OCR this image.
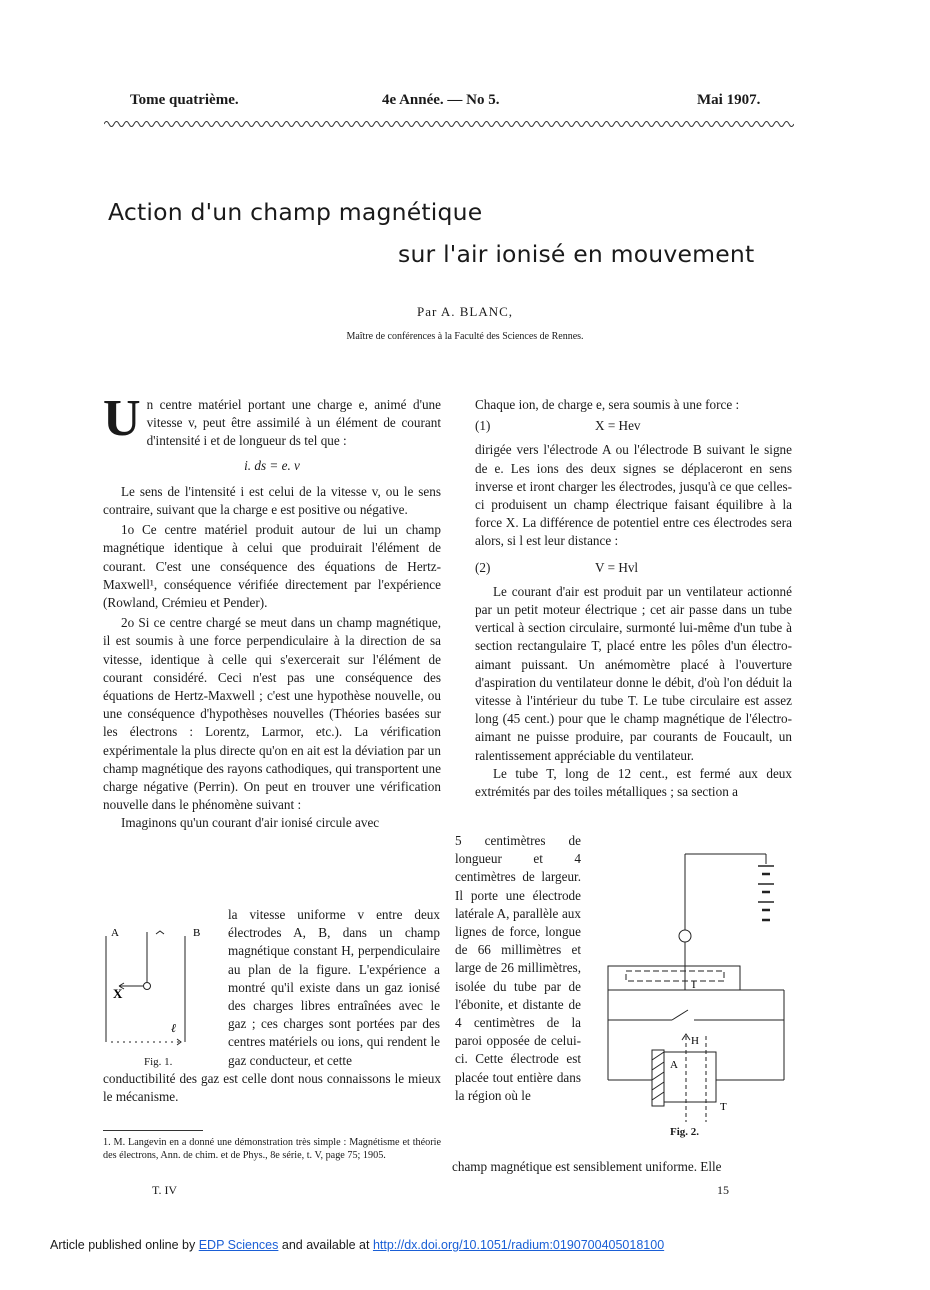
Tome quatrième.	4e Année. — No 5.	Mai 1907.
Action d'un champ magnétique
sur l'air ionisé en mouvement
Par A. BLANC,
Maître de conférences à la Faculté des Sciences de Rennes.

Un centre matériel portant une charge e, animé d'une vitesse v, peut être assimilé à un élément de courant d'intensité i et de longueur ds tel que :

i. ds = e. v

Le sens de l'intensité i est celui de la vitesse v, ou le sens contraire, suivant que la charge e est positive ou négative.

1o Ce centre matériel produit autour de lui un champ magnétique identique à celui que produirait l'élément de courant. C'est une conséquence des équations de Hertz-Maxwell¹, conséquence vérifiée directement par l'expérience (Rowland, Crémieu et Pender).

2o Si ce centre chargé se meut dans un champ magnétique, il est soumis à une force perpendiculaire à la direction de sa vitesse, identique à celle qui s'exercerait sur l'élément de courant considéré. Ceci n'est pas une conséquence des équations de Hertz-Maxwell ; c'est une hypothèse nouvelle, ou une conséquence d'hypothèses nouvelles (Théories basées sur les électrons : Lorentz, Larmor, etc.). La vérification expérimentale la plus directe qu'on en ait est la déviation par un champ magnétique des rayons cathodiques, qui transportent une charge négative (Perrin). On peut en trouver une vérification nouvelle dans le phénomène suivant :

Imaginons qu'un courant d'air ionisé circule avec

A	B
X
ℓ
Fig. 1.

la vitesse uniforme v entre deux électrodes A, B, dans un champ magnétique constant H, perpendiculaire au plan de la figure. L'expérience a montré qu'il existe dans un gaz ionisé des charges libres entraînées avec le gaz ; ces charges sont portées par des centres matériels ou ions, qui rendent le gaz conducteur, et cette

conductibilité des gaz est celle dont nous connaissons le mieux le mécanisme.

1. M. Langevin en a donné une démonstration très simple : Magnétisme et théorie des électrons, Ann. de chim. et de Phys., 8e série, t. V, page 75; 1905.

Chaque ion, de charge e, sera soumis à une force :

(1)	X = Hev

dirigée vers l'électrode A ou l'électrode B suivant le signe de e. Les ions des deux signes se déplaceront en sens inverse et iront charger les électrodes, jusqu'à ce que celles-ci produisent un champ électrique faisant équilibre à la force X. La différence de potentiel entre ces électrodes sera alors, si l est leur distance :

(2)	V = Hvl

Le courant d'air est produit par un ventilateur actionné par un petit moteur électrique ; cet air passe dans un tube vertical à section circulaire, surmonté lui-même d'un tube à section rectangulaire T, placé entre les pôles d'un électro-aimant puissant. Un anémomètre placé à l'ouverture d'aspiration du ventilateur donne le débit, d'où l'on déduit la vitesse à l'intérieur du tube T. Le tube circulaire est assez long (45 cent.) pour que le champ magnétique de l'électro-aimant ne puisse produire, par courants de Foucault, un ralentissement appréciable du ventilateur.

Le tube T, long de 12 cent., est fermé aux deux extrémités par des toiles métalliques ; sa section a

5 centimètres de longueur et 4 centimètres de largeur. Il porte une électrode latérale A, parallèle aux lignes de force, longue de 66 millimètres et large de 26 millimètres, isolée du tube par de l'ébonite, et distante de 4 centimètres de la paroi opposée de celui-ci. Cette électrode est placée tout entière dans la région où le

I
H
A
T
Fig. 2.

champ magnétique est sensiblement uniforme. Elle

T. IV	15
Article published online by EDP Sciences and available at http://dx.doi.org/10.1051/radium:0190700405018100
